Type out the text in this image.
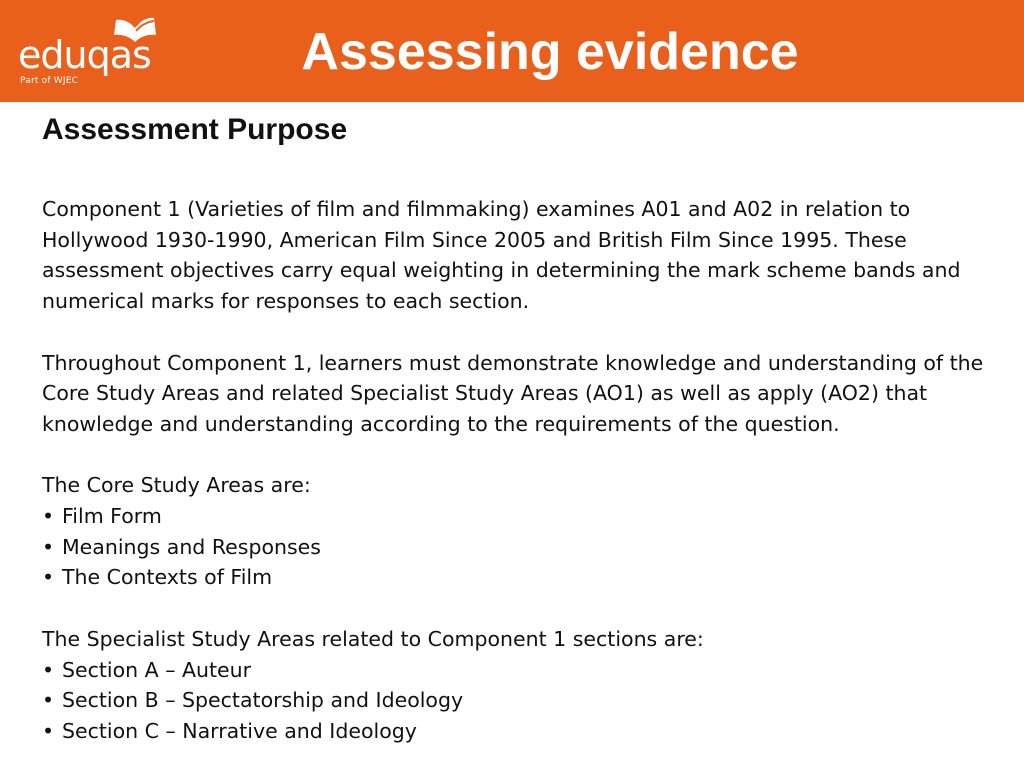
eduqas
Part of WJEC	Assessing evidence
Assessment Purpose

Component 1 (Varieties of film and filmmaking) examines A01 and A02 in relation to Hollywood 1930-1990, American Film Since 2005 and British Film Since 1995. These assessment objectives carry equal weighting in determining the mark scheme bands and numerical marks for responses to each section.

Throughout Component 1, learners must demonstrate knowledge and understanding of the Core Study Areas and related Specialist Study Areas (AO1) as well as apply (AO2) that knowledge and understanding according to the requirements of the question.

The Core Study Areas are:

• Film Form
• Meanings and Responses
• The Contexts of Film

The Specialist Study Areas related to Component 1 sections are:

• Section A – Auteur
• Section B – Spectatorship and Ideology
• Section C – Narrative and Ideology
